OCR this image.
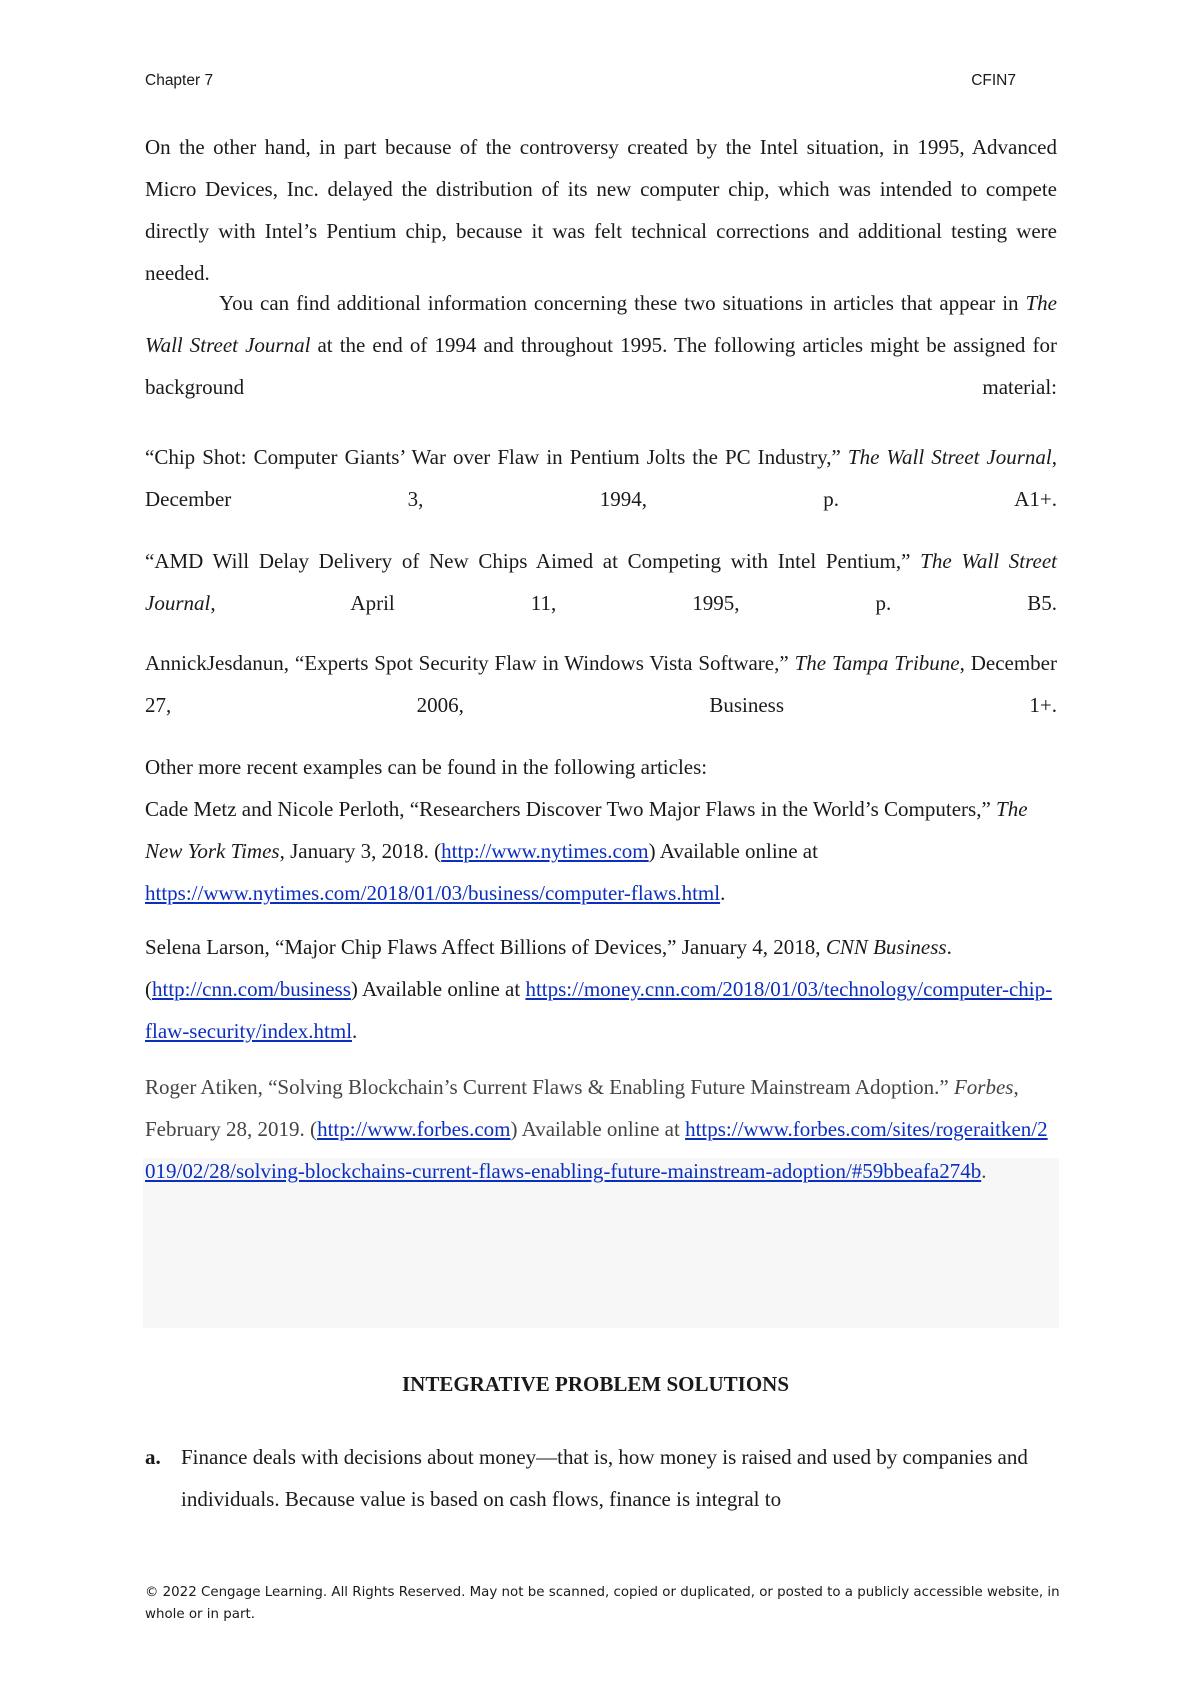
Chapter 7	CFIN7

On the other hand, in part because of the controversy created by the Intel situation, in 1995, Advanced Micro Devices, Inc. delayed the distribution of its new computer chip, which was intended to compete directly with Intel’s Pentium chip, because it was felt technical corrections and additional testing were needed.

You can find additional information concerning these two situations in articles that appear in The Wall Street Journal at the end of 1994 and throughout 1995. The following articles might be assigned for background material:

“Chip Shot: Computer Giants’ War over Flaw in Pentium Jolts the PC Industry,” The Wall Street Journal, December 3, 1994, p. A1+.

“AMD Will Delay Delivery of New Chips Aimed at Competing with Intel Pentium,” The Wall Street Journal, April 11, 1995, p. B5.

AnnickJesdanun, “Experts Spot Security Flaw in Windows Vista Software,” The Tampa Tribune, December 27, 2006, Business 1+.

Other more recent examples can be found in the following articles:

Cade Metz and Nicole Perloth, “Researchers Discover Two Major Flaws in the World’s Computers,” The New York Times, January 3, 2018. (http://www.nytimes.com) Available online at https://www.nytimes.com/2018/01/03/business/computer-flaws.html.

Selena Larson, “Major Chip Flaws Affect Billions of Devices,” January 4, 2018, CNN Business. (http://cnn.com/business) Available online at https://money.cnn.com/2018/01/03/technology/computer-chip-flaw-security/index.html.

Roger Atiken, “Solving Blockchain’s Current Flaws & Enabling Future Mainstream Adoption.” Forbes, February 28, 2019. (http://www.forbes.com) Available online at https://www.forbes.com/sites/rogeraitken/2019/02/28/solving-blockchains-current-flaws-enabling-future-mainstream-adoption/#59bbeafa274b.

INTEGRATIVE PROBLEM SOLUTIONS
a. Finance deals with decisions about money—that is, how money is raised and used by companies and individuals. Because value is based on cash flows, finance is integral to

© 2022 Cengage Learning. All Rights Reserved. May not be scanned, copied or duplicated, or posted to a publicly accessible website, in whole or in part.
